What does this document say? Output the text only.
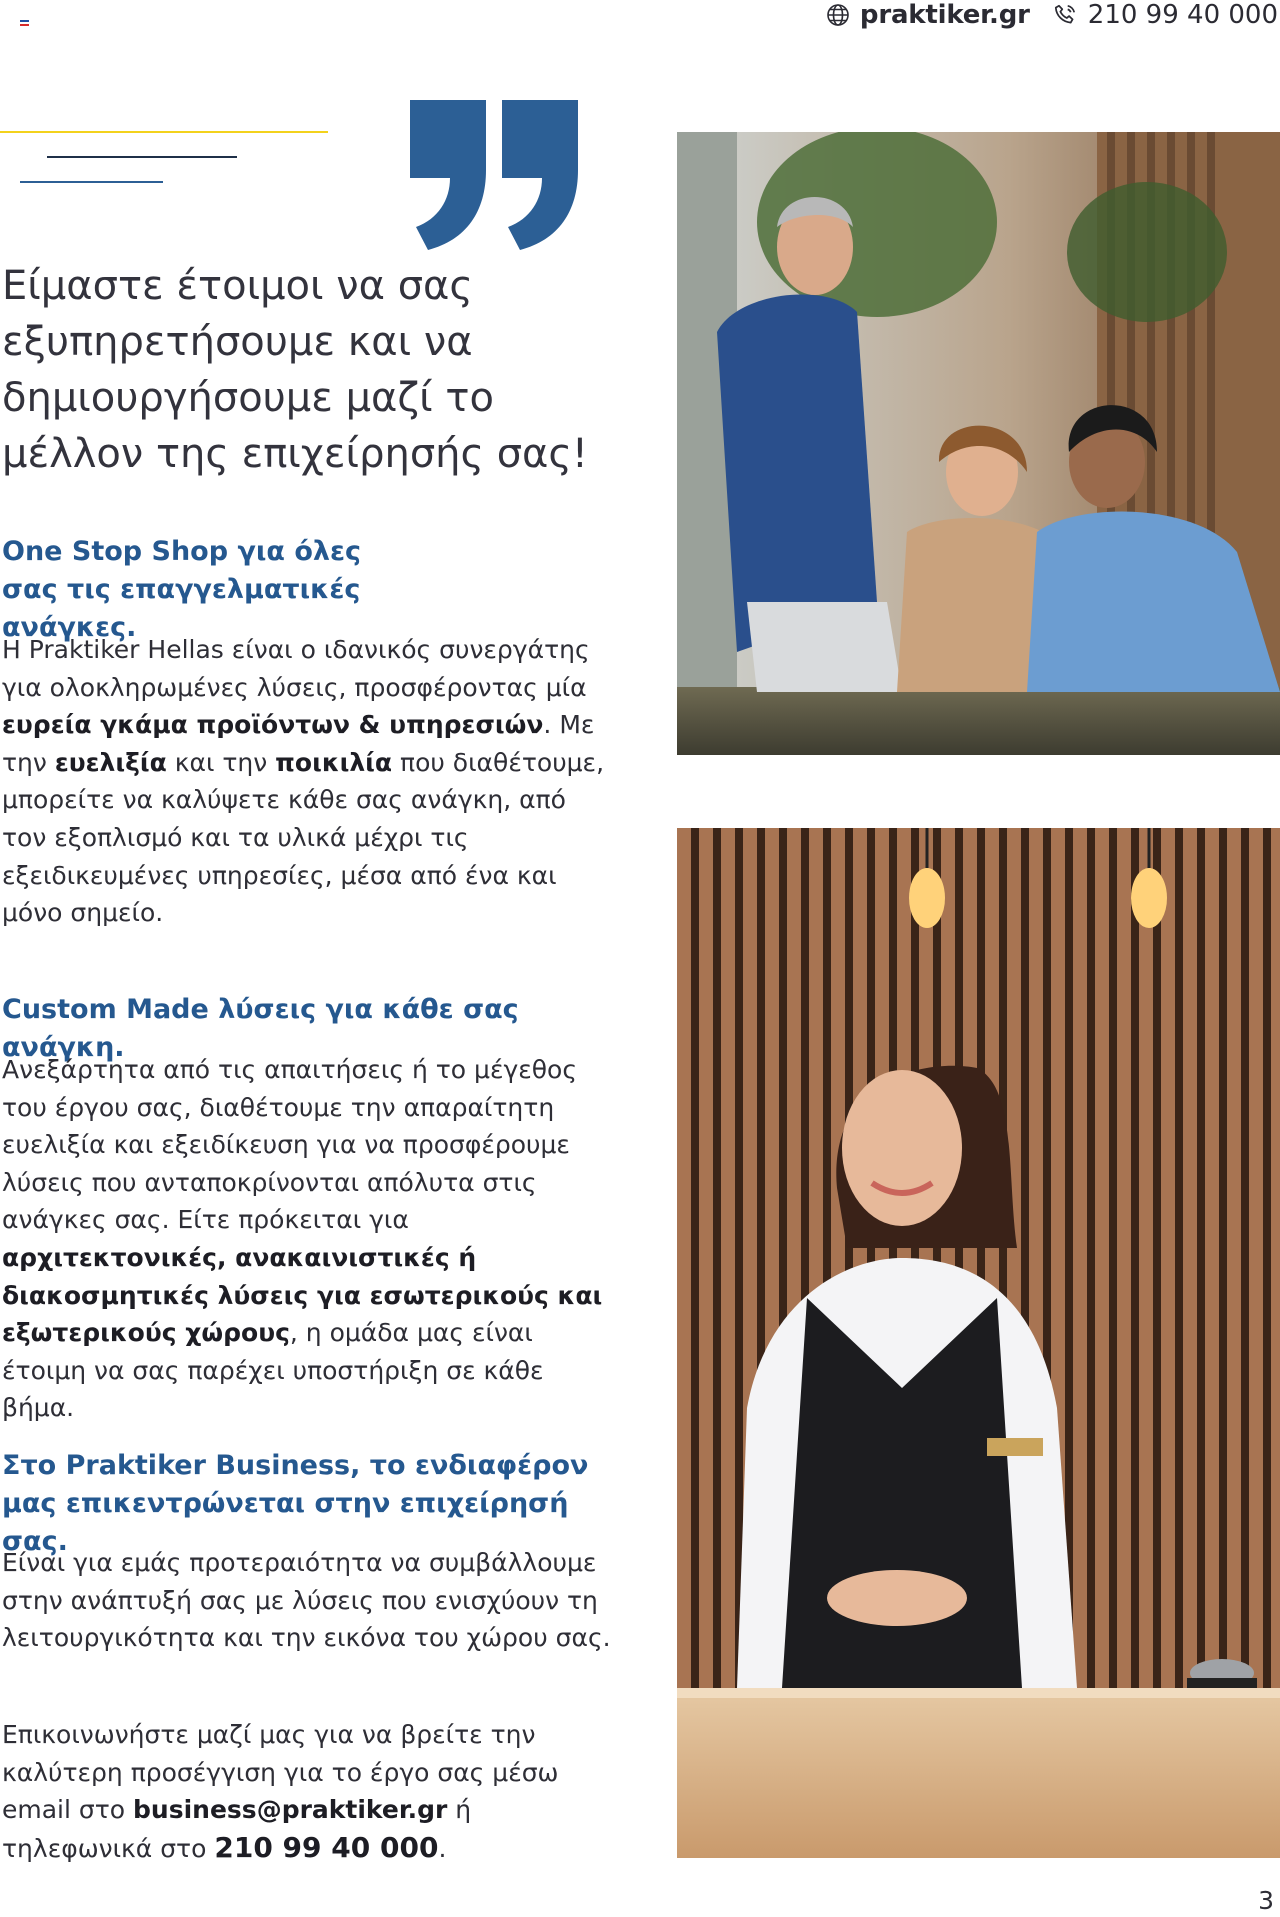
praktiker.gr 210 99 40 000
Είμαστε έτοιμοι να σας εξυπηρετήσουμε και να δημιουργήσουμε μαζί το μέλλον της επιχείρησής σας!
One Stop Shop για όλες σας τις επαγγελματικές ανάγκες.

Η Praktiker Hellas είναι ο ιδανικός συνεργάτης για ολοκληρωμένες λύσεις, προσφέροντας μία ευρεία γκάμα προϊόντων & υπηρεσιών. Με την ευελιξία και την ποικιλία που διαθέτουμε, μπορείτε να καλύψετε κάθε σας ανάγκη, από τον εξοπλισμό και τα υλικά μέχρι τις εξειδικευμένες υπηρεσίες, μέσα από ένα και μόνο σημείο.

Custom Made λύσεις για κάθε σας ανάγκη.

Ανεξάρτητα από τις απαιτήσεις ή το μέγεθος του έργου σας, διαθέτουμε την απαραίτητη ευελιξία και εξειδίκευση για να προσφέρουμε λύσεις που ανταποκρίνονται απόλυτα στις ανάγκες σας. Είτε πρόκειται για αρχιτεκτονικές, ανακαινιστικές ή διακοσμητικές λύσεις για εσωτερικούς και εξωτερικούς χώρους, η ομάδα μας είναι έτοιμη να σας παρέχει υποστήριξη σε κάθε βήμα.

Στο Praktiker Business, το ενδιαφέρον μας επικεντρώνεται στην επιχείρησή σας.

Είναι για εμάς προτεραιότητα να συμβάλλουμε στην ανάπτυξή σας με λύσεις που ενισχύουν τη λειτουργικότητα και την εικόνα του χώρου σας.

Επικοινωνήστε μαζί μας για να βρείτε την καλύτερη προσέγγιση για το έργο σας μέσω email στο business@praktiker.gr ή τηλεφωνικά στο 210 99 40 000.

3
